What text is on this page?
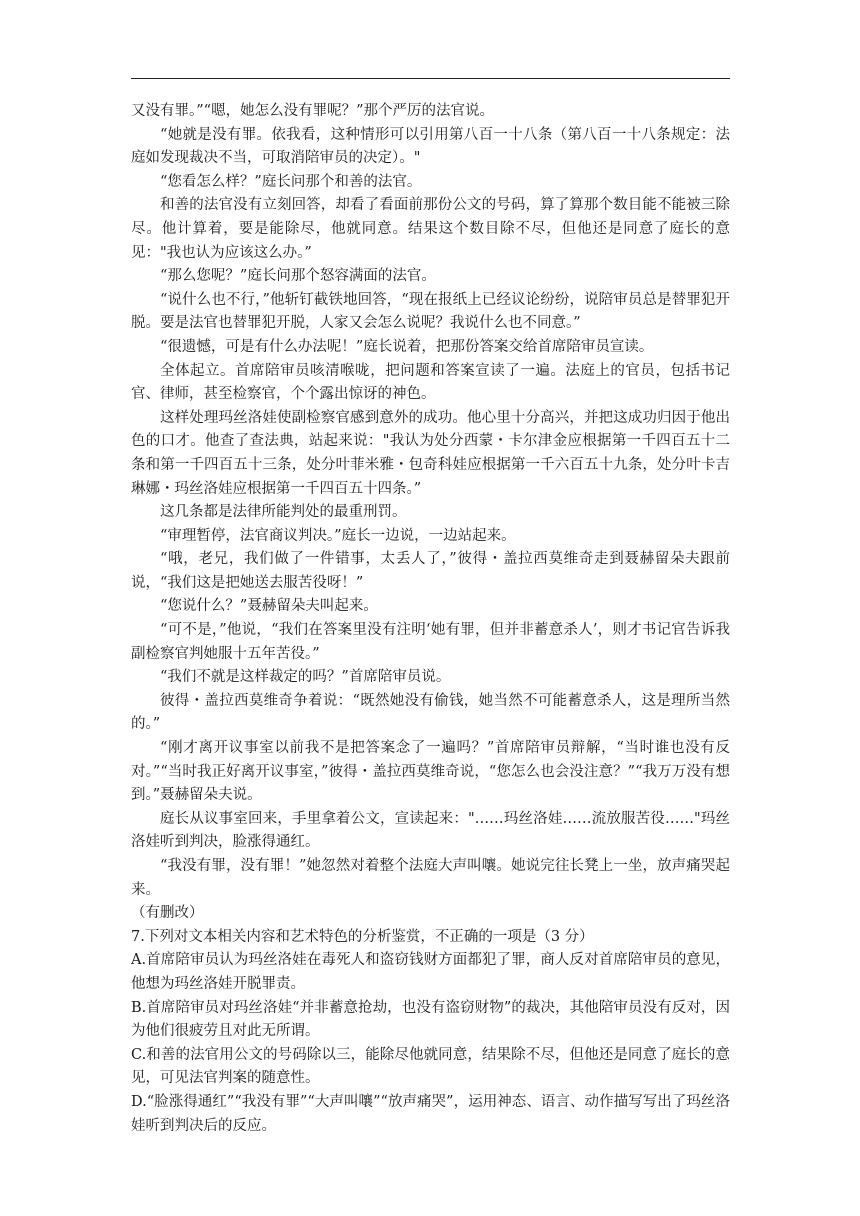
又没有罪。”“嗯，她怎么没有罪呢？”那个严厉的法官说。

“她就是没有罪。依我看，这种情形可以引用第八百一十八条（第八百一十八条规定：法庭如发现裁决不当，可取消陪审员的决定）。"

“您看怎么样？”庭长问那个和善的法官。

和善的法官没有立刻回答，却看了看面前那份公文的号码，算了算那个数目能不能被三除尽。他计算着，要是能除尽，他就同意。结果这个数目除不尽，但他还是同意了庭长的意见："我也认为应该这么办。”

“那么您呢？”庭长问那个怒容满面的法官。

“说什么也不行，”他斩钉截铁地回答，“现在报纸上已经议论纷纷，说陪审员总是替罪犯开脱。要是法官也替罪犯开脱，人家又会怎么说呢？我说什么也不同意。”

“很遗憾，可是有什么办法呢！”庭长说着，把那份答案交给首席陪审员宣读。

全体起立。首席陪审员咳清喉咙，把问题和答案宣读了一遍。法庭上的官员，包括书记官、律师，甚至检察官，个个露出惊讶的神色。

这样处理玛丝洛娃使副检察官感到意外的成功。他心里十分高兴，并把这成功归因于他出色的口才。他查了查法典，站起来说："我认为处分西蒙・卡尔津金应根据第一千四百五十二条和第一千四百五十三条，处分叶菲米雅・包奇科娃应根据第一千六百五十九条，处分叶卡吉琳娜・玛丝洛娃应根据第一千四百五十四条。”

这几条都是法律所能判处的最重刑罚。

“审理暂停，法官商议判决。”庭长一边说，一边站起来。

“哦，老兄，我们做了一件错事，太丢人了，”彼得・盖拉西莫维奇走到聂赫留朵夫跟前说，“我们这是把她送去服苦役呀！”

“您说什么？”聂赫留朵夫叫起来。

“可不是，”他说，“我们在答案里没有注明‘她有罪，但并非蓄意杀人’，则才书记官告诉我副检察官判她服十五年苦役。”

“我们不就是这样裁定的吗？”首席陪审员说。

彼得・盖拉西莫维奇争着说：“既然她没有偷钱，她当然不可能蓄意杀人，这是理所当然的。”

“刚才离开议事室以前我不是把答案念了一遍吗？”首席陪审员辩解，“当时谁也没有反对。”“当时我正好离开议事室，”彼得・盖拉西莫维奇说，“您怎么也会没注意？”“我万万没有想到。”聂赫留朵夫说。

庭长从议事室回来，手里拿着公文，宣读起来："……玛丝洛娃……流放服苦役……"玛丝洛娃听到判决，脸涨得通红。

“我没有罪，没有罪！”她忽然对着整个法庭大声叫嚷。她说完往长凳上一坐，放声痛哭起来。

（有删改）

7.下列对文本相关内容和艺术特色的分析鉴赏，不正确的一项是（3 分）

A.首席陪审员认为玛丝洛娃在毒死人和盗窃钱财方面都犯了罪，商人反对首席陪审员的意见，他想为玛丝洛娃开脱罪责。

B.首席陪审员对玛丝洛娃“并非蓄意抢劫，也没有盗窃财物”的裁决，其他陪审员没有反对，因为他们很疲劳且对此无所谓。

C.和善的法官用公文的号码除以三，能除尽他就同意，结果除不尽，但他还是同意了庭长的意见，可见法官判案的随意性。

D.“脸涨得通红”“我没有罪”“大声叫嚷”“放声痛哭”，运用神态、语言、动作描写写出了玛丝洛娃听到判决后的反应。
